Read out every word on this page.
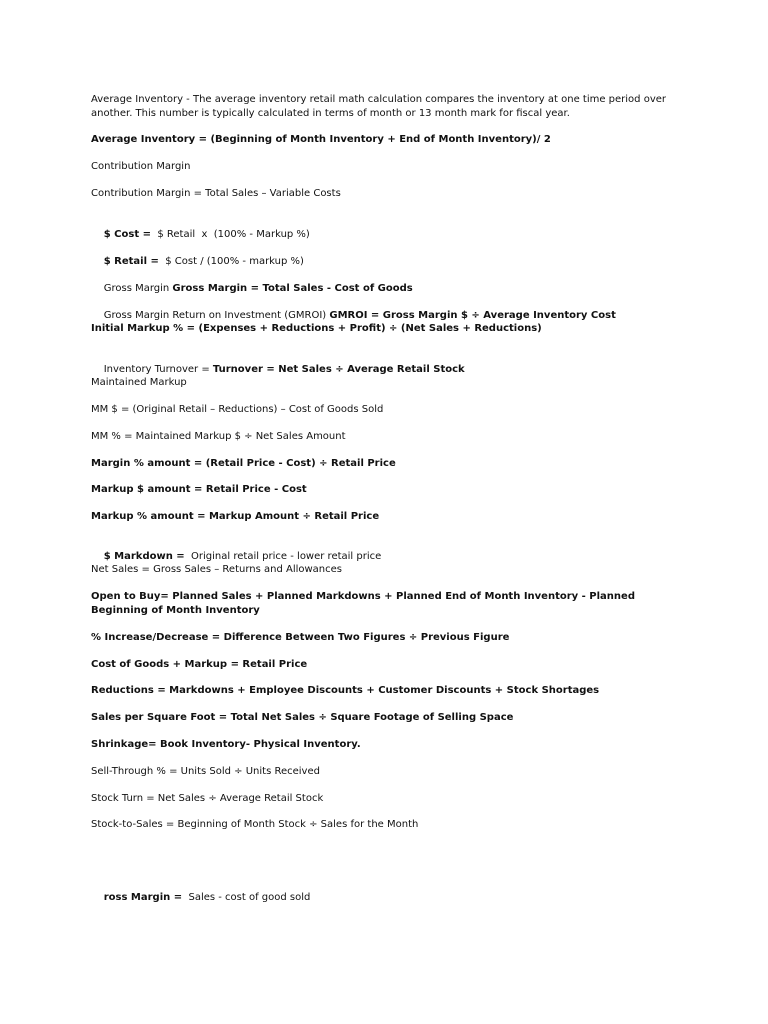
Average Inventory - The average inventory retail math calculation compares the inventory at one time period over another. This number is typically calculated in terms of month or 13 month mark for fiscal year.
Average Inventory = (Beginning of Month Inventory + End of Month Inventory)/ 2
Contribution Margin
Contribution Margin = Total Sales – Variable Costs

$ Cost =  $ Retail  x  (100% - Markup %)

$ Retail =  $ Cost / (100% - markup %)

Gross Margin Gross Margin = Total Sales - Cost of Goods

Gross Margin Return on Investment (GMROI) GMROI = Gross Margin $ ÷ Average Inventory Cost

Initial Markup % = (Expenses + Reductions + Profit) ÷ (Net Sales + Reductions)

Inventory Turnover = Turnover = Net Sales ÷ Average Retail Stock

Maintained Markup
MM $ = (Original Retail – Reductions) – Cost of Goods Sold
MM % = Maintained Markup $ ÷ Net Sales Amount
Margin % amount = (Retail Price - Cost) ÷ Retail Price
Markup $ amount = Retail Price - Cost
Markup % amount = Markup Amount ÷ Retail Price

$ Markdown =  Original retail price - lower retail price

Net Sales = Gross Sales – Returns and Allowances
Open to Buy= Planned Sales + Planned Markdowns + Planned End of Month Inventory - Planned Beginning of Month Inventory
% Increase/Decrease = Difference Between Two Figures ÷ Previous Figure
Cost of Goods + Markup = Retail Price
Reductions = Markdowns + Employee Discounts + Customer Discounts + Stock Shortages
Sales per Square Foot = Total Net Sales ÷ Square Footage of Selling Space
Shrinkage= Book Inventory- Physical Inventory.
Sell-Through % = Units Sold ÷ Units Received
Stock Turn = Net Sales ÷ Average Retail Stock
Stock-to-Sales = Beginning of Month Stock ÷ Sales for the Month

ross Margin =  Sales - cost of good sold
